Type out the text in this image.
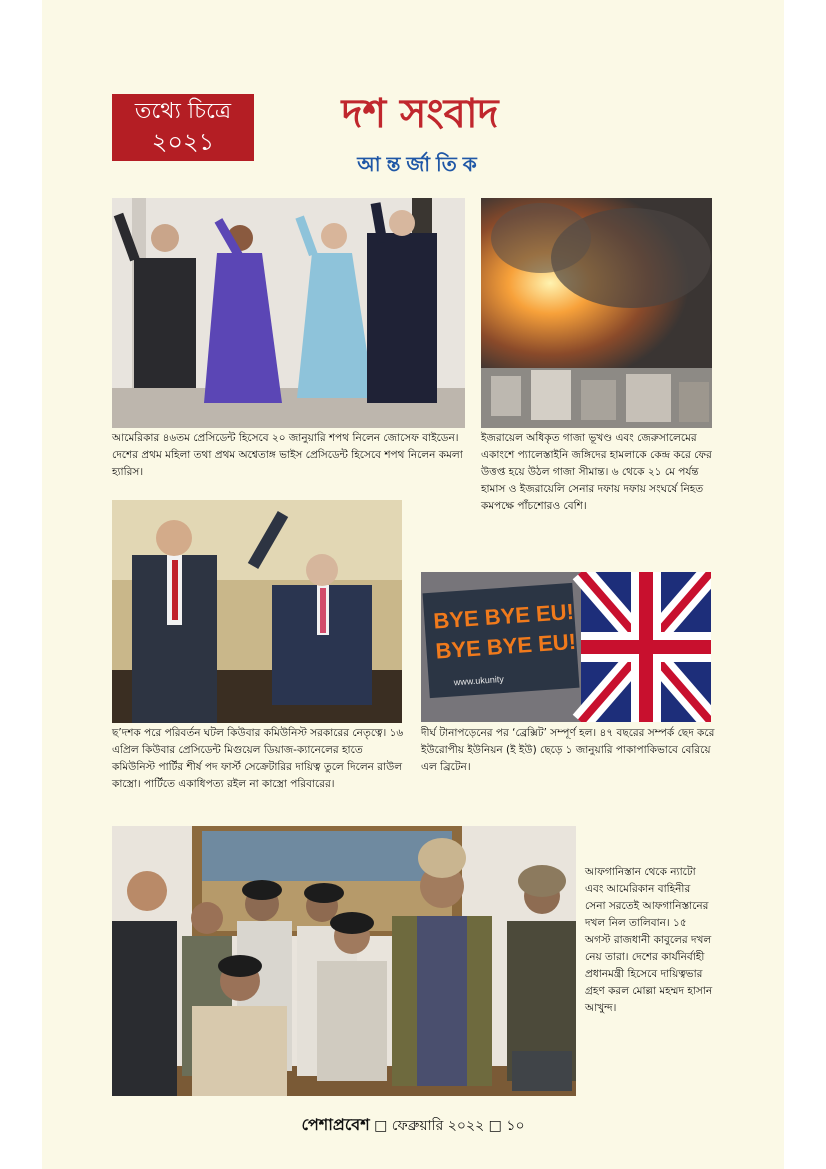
তথ্যে চিত্রে
২০২১
দশ সংবাদ
আন্তর্জাতিক

আমেরিকার ৪৬তম প্রেসিডেন্ট হিসেবে ২০ জানুয়ারি শপথ নিলেন জোসেফ বাইডেন। দেশের প্রথম মহিলা তথা প্রথম অশ্বেতাঙ্গ ভাইস প্রেসিডেন্ট হিসেবে শপথ নিলেন কমলা হ্যারিস।

ইজরায়েল অধিকৃত গাজা ভূখণ্ড এবং জেরুসালেমের একাংশে প্যালেস্তাইনি জঙ্গিদের হামলাকে কেন্দ্র করে ফের উত্তপ্ত হয়ে উঠল গাজা সীমান্ত। ৬ থেকে ২১ মে পর্যন্ত হামাস ও ইজরায়েলি সেনার দফায় দফায় সংঘর্ষে নিহত কমপক্ষে পাঁচশোরও বেশি।

ছ’দশক পরে পরিবর্তন ঘটল কিউবার কমিউনিস্ট সরকারের নেতৃত্বে। ১৬ এপ্রিল কিউবার প্রেসিডেন্ট মিগুয়েল ডিয়াজ-ক্যানেলের হাতে কমিউনিস্ট পার্টির শীর্ষ পদ ফার্স্ট সেক্রেটারির দায়িত্ব তুলে দিলেন রাউল কাস্ত্রো। পার্টিতে একাধিপত্য রইল না কাস্ত্রো পরিবারের।

BYE BYE EU!
BYE BYE EU!
www.ukunity

দীর্ঘ টানাপড়েনের পর ‘ব্রেক্সিট’ সম্পূর্ণ হল। ৪৭ বছরের সম্পর্ক ছেদ করে ইউরোপীয় ইউনিয়ন (ই ইউ) ছেড়ে ১ জানুয়ারি পাকাপাকিভাবে বেরিয়ে এল ব্রিটেন।

আফগানিস্তান থেকে ন্যাটো এবং আমেরিকান বাহিনীর সেনা সরতেই আফগানিস্তানের দখল নিল তালিবান। ১৫ অগস্ট রাজধানী কাবুলের দখল নেয় তারা। দেশের কার্যনির্বাহী প্রধানমন্ত্রী হিসেবে দায়িত্বভার গ্রহণ করল মোল্লা মহম্মদ হাসান আখুন্দ।

পেশাপ্রবেশ □ ফেব্রুয়ারি ২০২২ □ ১০
